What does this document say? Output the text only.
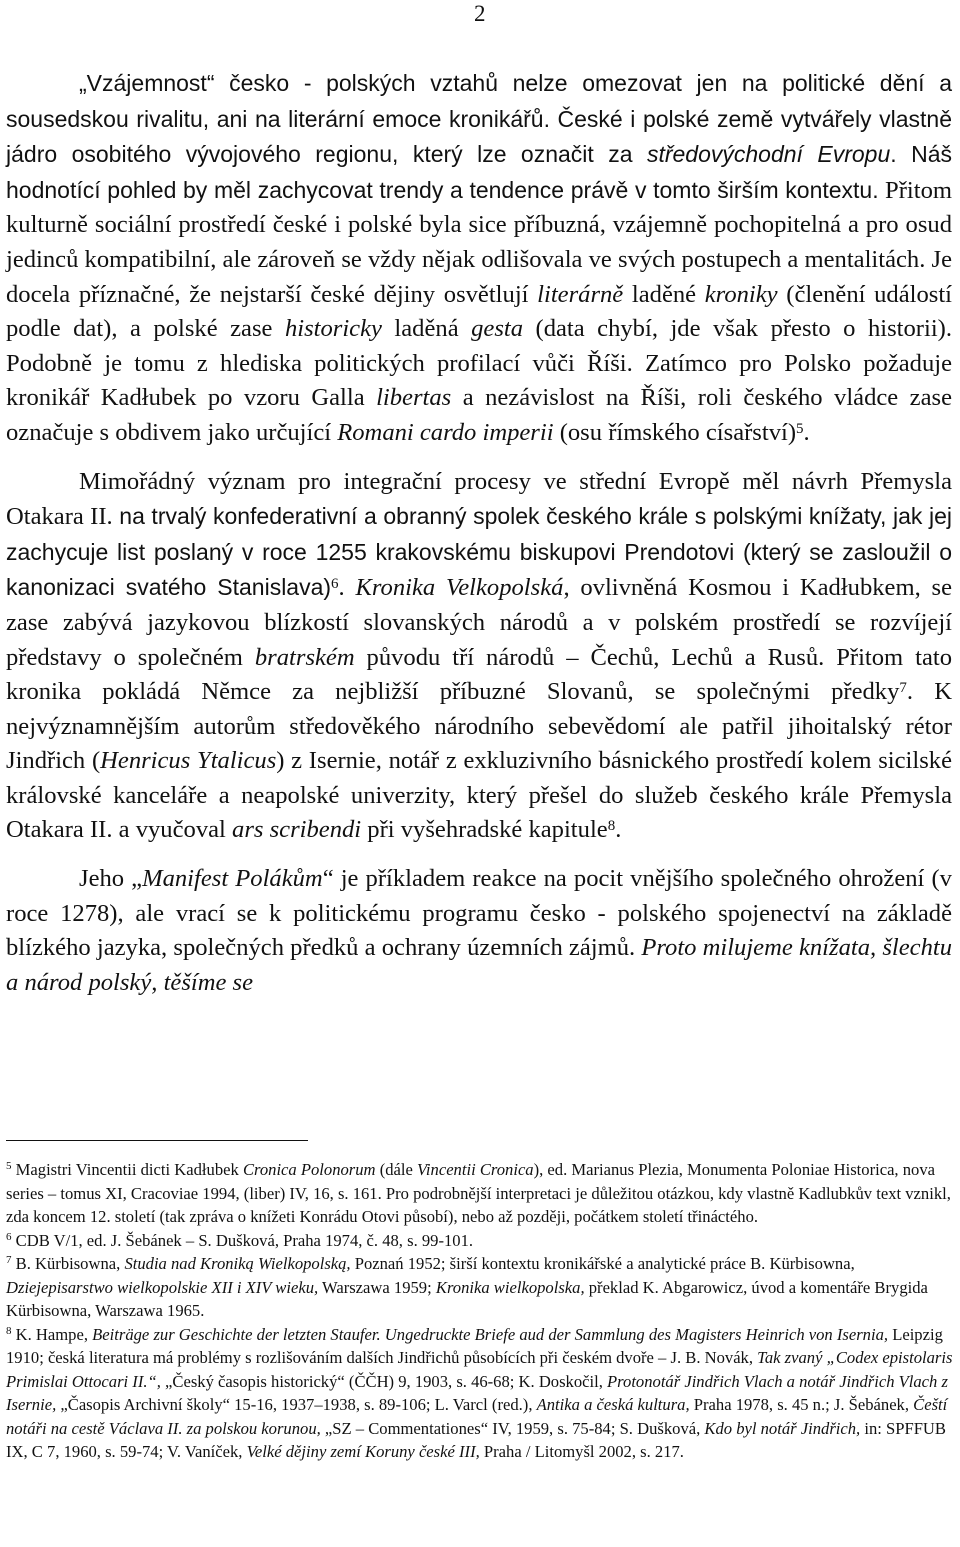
2

„Vzájemnost“ česko - polských vztahů nelze omezovat jen na politické dění a sousedskou rivalitu, ani na literární emoce kronikářů. České i polské země vytvářely vlastně jádro osobitého vývojového regionu, který lze označit za středovýchodní Evropu. Náš hodnotící pohled by měl zachycovat trendy a tendence právě v tomto širším kontextu. Přitom kulturně sociální prostředí české i polské byla sice příbuzná, vzájemně pochopitelná a pro osud jedinců kompatibilní, ale zároveň se vždy nějak odlišovala ve svých postupech a mentalitách. Je docela příznačné, že nejstarší české dějiny osvětlují literárně laděné kroniky (členění událostí podle dat), a polské zase historicky laděná gesta (data chybí, jde však přesto o historii). Podobně je tomu z hlediska politických profilací vůči Říši. Zatímco pro Polsko požaduje kronikář Kadłubek po vzoru Galla libertas a nezávislost na Říši, roli českého vládce zase označuje s obdivem jako určující Romani cardo imperii (osu římského císařství)$^5$.

Mimořádný význam pro integrační procesy ve střední Evropě měl návrh Přemysla Otakara II. na trvalý konfederativní a obranný spolek českého krále s polskými knížaty, jak jej zachycuje list poslaný v roce 1255 krakovskému biskupovi Prendotovi (který se zasloužil o kanonizaci svatého Stanislava)$^6$. Kronika Velkopolská, ovlivněná Kosmou i Kadłubkem, se zase zabývá jazykovou blízkostí slovanských národů a v polském prostředí se rozvíjejí představy o společném bratrském původu tří národů – Čechů, Lechů a Rusů. Přitom tato kronika pokládá Němce za nejbližší příbuzné Slovanů, se společnými předky$^7$. K nejvýznamnějším autorům středověkého národního sebevědomí ale patřil jihoitalský rétor Jindřich (Henricus Ytalicus) z Isernie, notář z exkluzivního básnického prostředí kolem sicilské královské kanceláře a neapolské univerzity, který přešel do služeb českého krále Přemysla Otakara II. a vyučoval ars scribendi při vyšehradské kapitule$^8$.

Jeho „Manifest Polákům“ je příkladem reakce na pocit vnějšího společného ohrožení (v roce 1278), ale vrací se k politickému programu česko - polského spojenectví na základě blízkého jazyka, společných předků a ochrany územních zájmů. Proto milujeme knížata, šlechtu a národ polský, těšíme se

$^5$ Magistri Vincentii dicti Kadłubek Cronica Polonorum (dále Vincentii Cronica), ed. Marianus Plezia, Monumenta Poloniae Historica, nova series – tomus XI, Cracoviae 1994, (liber) IV, 16, s. 161. Pro podrobnější interpretaci je důležitou otázkou, kdy vlastně Kadlubkův text vznikl, zda koncem 12. století (tak zpráva o knížeti Konrádu Otovi působí), nebo až později, počátkem století třináctého.

$^6$ CDB V/1, ed. J. Šebánek – S. Dušková, Praha 1974, č. 48, s. 99-101.

$^7$ B. Kürbisowna, Studia nad Kroniką Wielkopolską, Poznań 1952; širší kontextu kronikářské a analytické práce B. Kürbisowna, Dziejepisarstwo wielkopolskie XII i XIV wieku, Warszawa 1959; Kronika wielkopolska, překlad K. Abgarowicz, úvod a komentáře Brygida Kürbisowna, Warszawa 1965.

$^8$ K. Hampe, Beiträge zur Geschichte der letzten Staufer. Ungedruckte Briefe aud der Sammlung des Magisters Heinrich von Isernia, Leipzig 1910; česká literatura má problémy s rozlišováním dalších Jindřichů působících při českém dvoře – J. B. Novák, Tak zvaný „Codex epistolaris Primislai Ottocari II.“, „Český časopis historický“ (ČČH) 9, 1903, s. 46-68; K. Doskočil, Protonotář Jindřich Vlach a notář Jindřich Vlach z Isernie, „Časopis Archivní školy“ 15-16, 1937–1938, s. 89-106; L. Varcl (red.), Antika a česká kultura, Praha 1978, s. 45 n.; J. Šebánek, Čeští notáři na cestě Václava II. za polskou korunou, „SZ – Commentationes“ IV, 1959, s. 75-84; S. Dušková, Kdo byl notář Jindřich, in: SPFFUB IX, C 7, 1960, s. 59-74; V. Vaníček, Velké dějiny zemí Koruny české III, Praha / Litomyšl 2002, s. 217.
